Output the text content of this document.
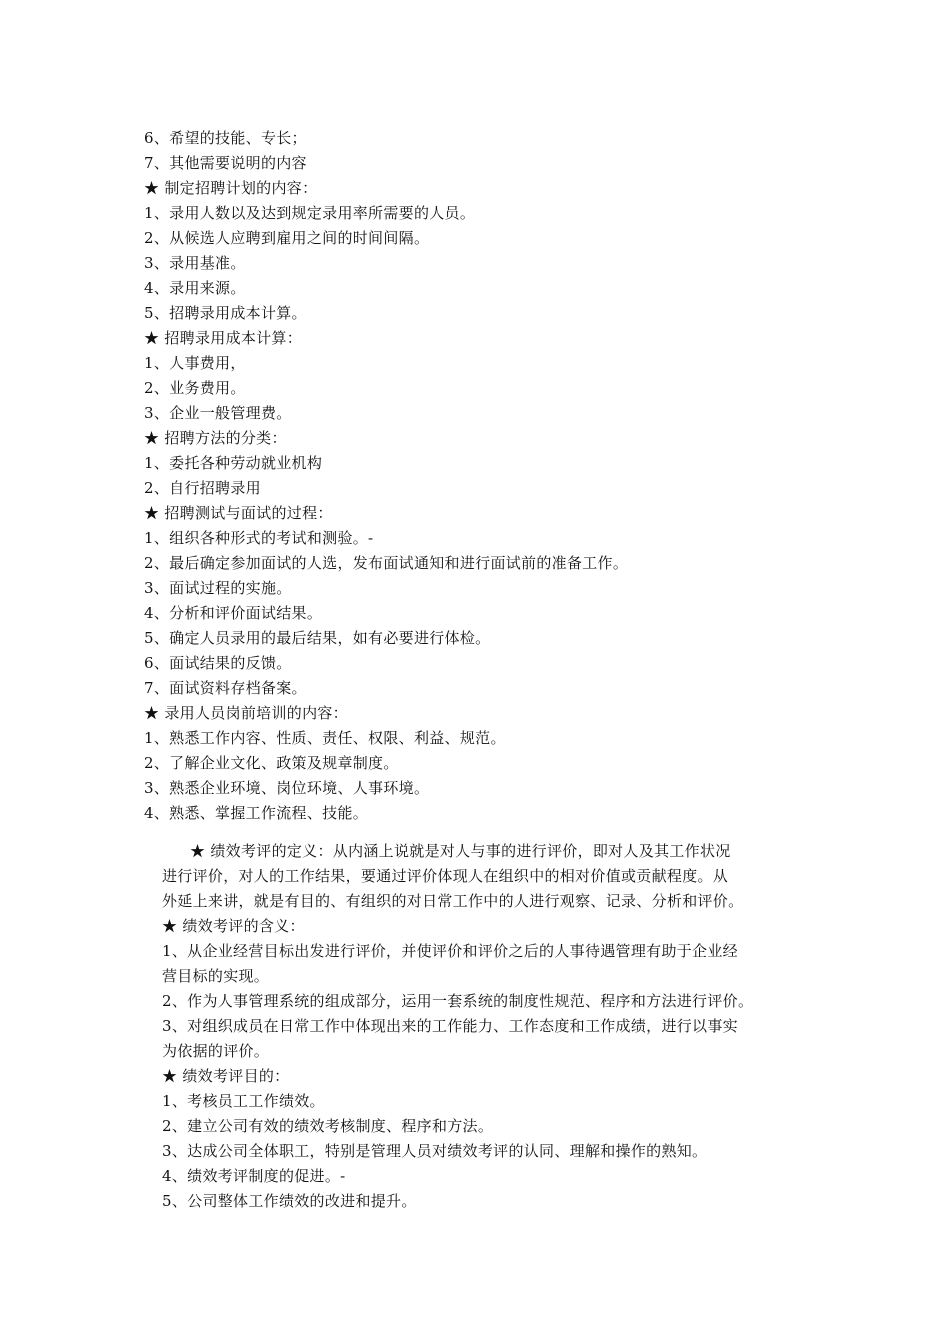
6、希望的技能、专长；
7、其他需要说明的内容
★ 制定招聘计划的内容：
1、录用人数以及达到规定录用率所需要的人员。
2、从候选人应聘到雇用之间的时间间隔。
3、录用基准。
4、录用来源。
5、招聘录用成本计算。
★ 招聘录用成本计算：
1、人事费用，
2、业务费用。
3、企业一般管理费。
★ 招聘方法的分类：
1、委托各种劳动就业机构
2、自行招聘录用
★ 招聘测试与面试的过程：
1、组织各种形式的考试和测验。-
2、最后确定参加面试的人选，发布面试通知和进行面试前的准备工作。
3、面试过程的实施。
4、分析和评价面试结果。
5、确定人员录用的最后结果，如有必要进行体检。
6、面试结果的反馈。
7、面试资料存档备案。
★ 录用人员岗前培训的内容：
1、熟悉工作内容、性质、责任、权限、利益、规范。
2、了解企业文化、政策及规章制度。
3、熟悉企业环境、岗位环境、人事环境。
4、熟悉、掌握工作流程、技能。
★ 绩效考评的定义：从内涵上说就是对人与事的进行评价，即对人及其工作状况
进行评价，对人的工作结果，要通过评价体现人在组织中的相对价值或贡献程度。从
外延上来讲，就是有目的、有组织的对日常工作中的人进行观察、记录、分析和评价。
★ 绩效考评的含义：
1、从企业经营目标出发进行评价，并使评价和评价之后的人事待遇管理有助于企业经
营目标的实现。
2、作为人事管理系统的组成部分，运用一套系统的制度性规范、程序和方法进行评价。
3、对组织成员在日常工作中体现出来的工作能力、工作态度和工作成绩，进行以事实
为依据的评价。
★ 绩效考评目的：
1、考核员工工作绩效。
2、建立公司有效的绩效考核制度、程序和方法。
3、达成公司全体职工，特别是管理人员对绩效考评的认同、理解和操作的熟知。
4、绩效考评制度的促进。-
5、公司整体工作绩效的改进和提升。
